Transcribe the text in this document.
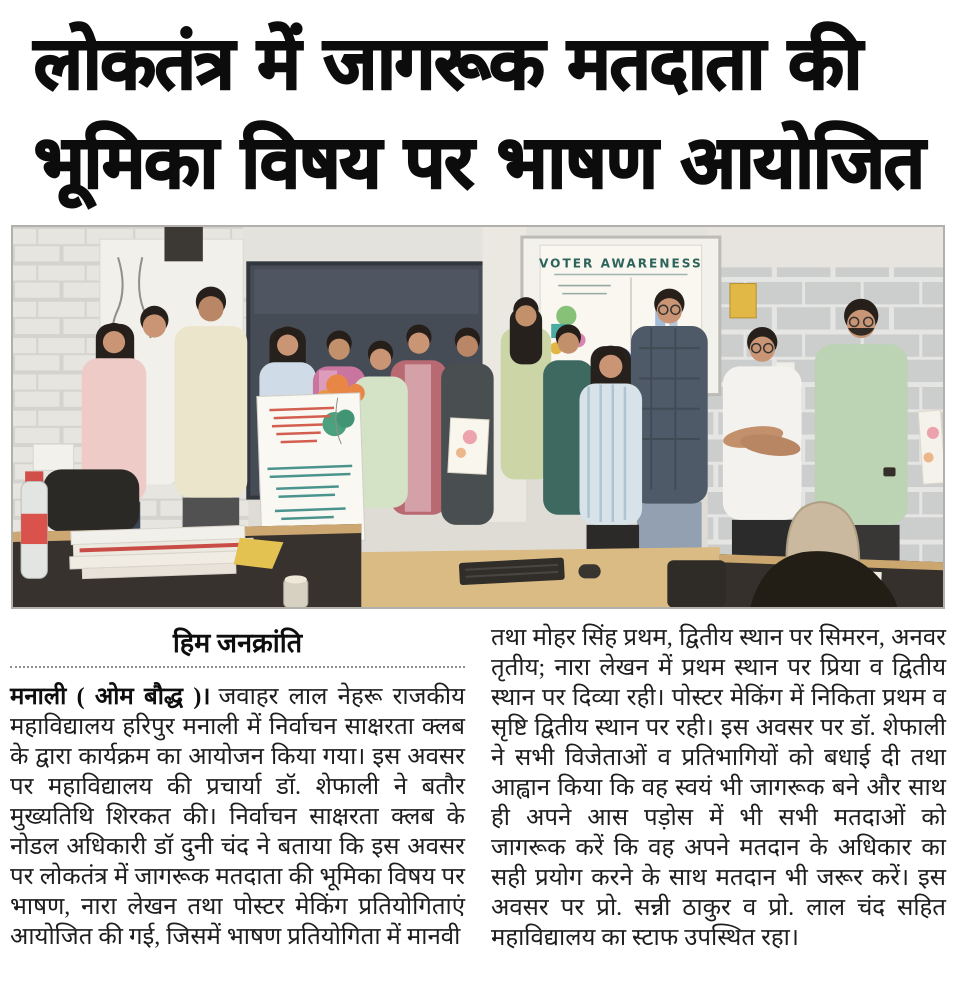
लोकतंत्र में जागरूक मतदाता की
भूमिका विषय पर भाषण आयोजित
VOTER AWARENESS
हिम जनक्रांति

मनाली ( ओम बौद्ध )। जवाहर लाल नेहरू राजकीय महाविद्यालय हरिपुर मनाली में निर्वाचन साक्षरता क्लब के द्वारा कार्यक्रम का आयोजन किया गया। इस अवसर पर महाविद्यालय की प्रचार्या डॉ. शेफाली ने बतौर मुख्यतिथि शिरकत की। निर्वाचन साक्षरता क्लब के नोडल अधिकारी डॉ दुनी चंद ने बताया कि इस अवसर पर लोकतंत्र में जागरूक मतदाता की भूमिका विषय पर भाषण, नारा लेखन तथा पोस्टर मेकिंग प्रतियोगिताएं आयोजित की गई, जिसमें भाषण प्रतियोगिता में मानवी

तथा मोहर सिंह प्रथम, द्वितीय स्थान पर सिमरन, अनवर तृतीय; नारा लेखन में प्रथम स्थान पर प्रिया व द्वितीय स्थान पर दिव्या रही। पोस्टर मेकिंग में निकिता प्रथम व सृष्टि द्वितीय स्थान पर रही। इस अवसर पर डॉ. शेफाली ने सभी विजेताओं व प्रतिभागियों को बधाई दी तथा आह्वान किया कि वह स्वयं भी जागरूक बने और साथ ही अपने आस पड़ोस में भी सभी मतदाओं को जागरूक करें कि वह अपने मतदान के अधिकार का सही प्रयोग करने के साथ मतदान भी जरूर करें। इस अवसर पर प्रो. सन्नी ठाकुर व प्रो. लाल चंद सहित महाविद्यालय का स्टाफ उपस्थित रहा।
